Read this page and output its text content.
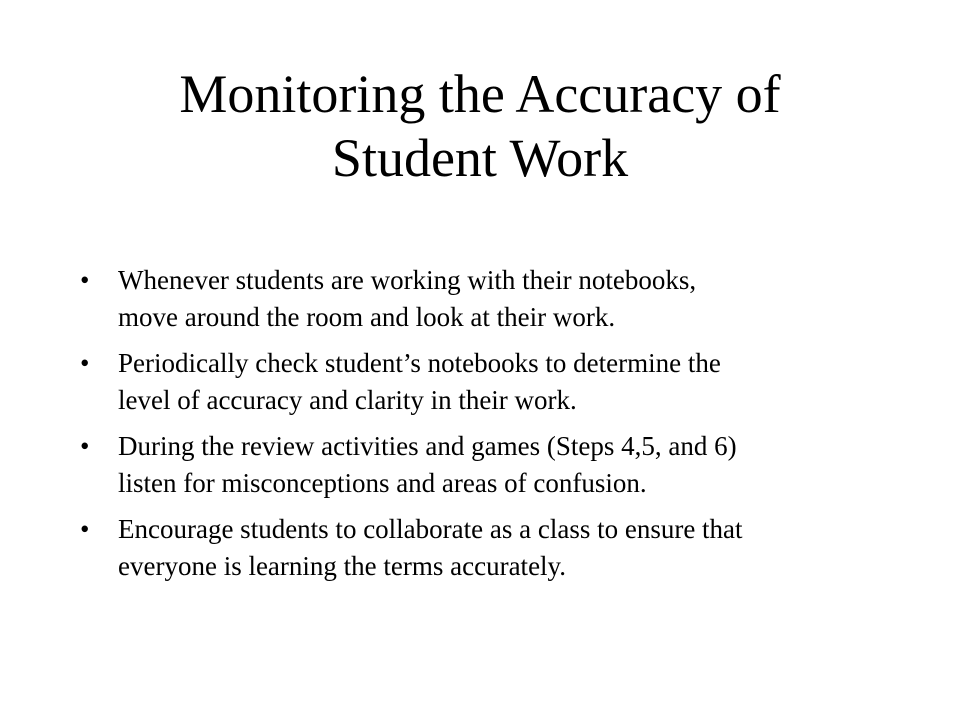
Monitoring the Accuracy of
Student Work
• Whenever students are working with their notebooks,
move around the room and look at their work.
• Periodically check student’s notebooks to determine the
level of accuracy and clarity in their work.
• During the review activities and games (Steps 4,5, and 6)
listen for misconceptions and areas of confusion.
• Encourage students to collaborate as a class to ensure that
everyone is learning the terms accurately.
